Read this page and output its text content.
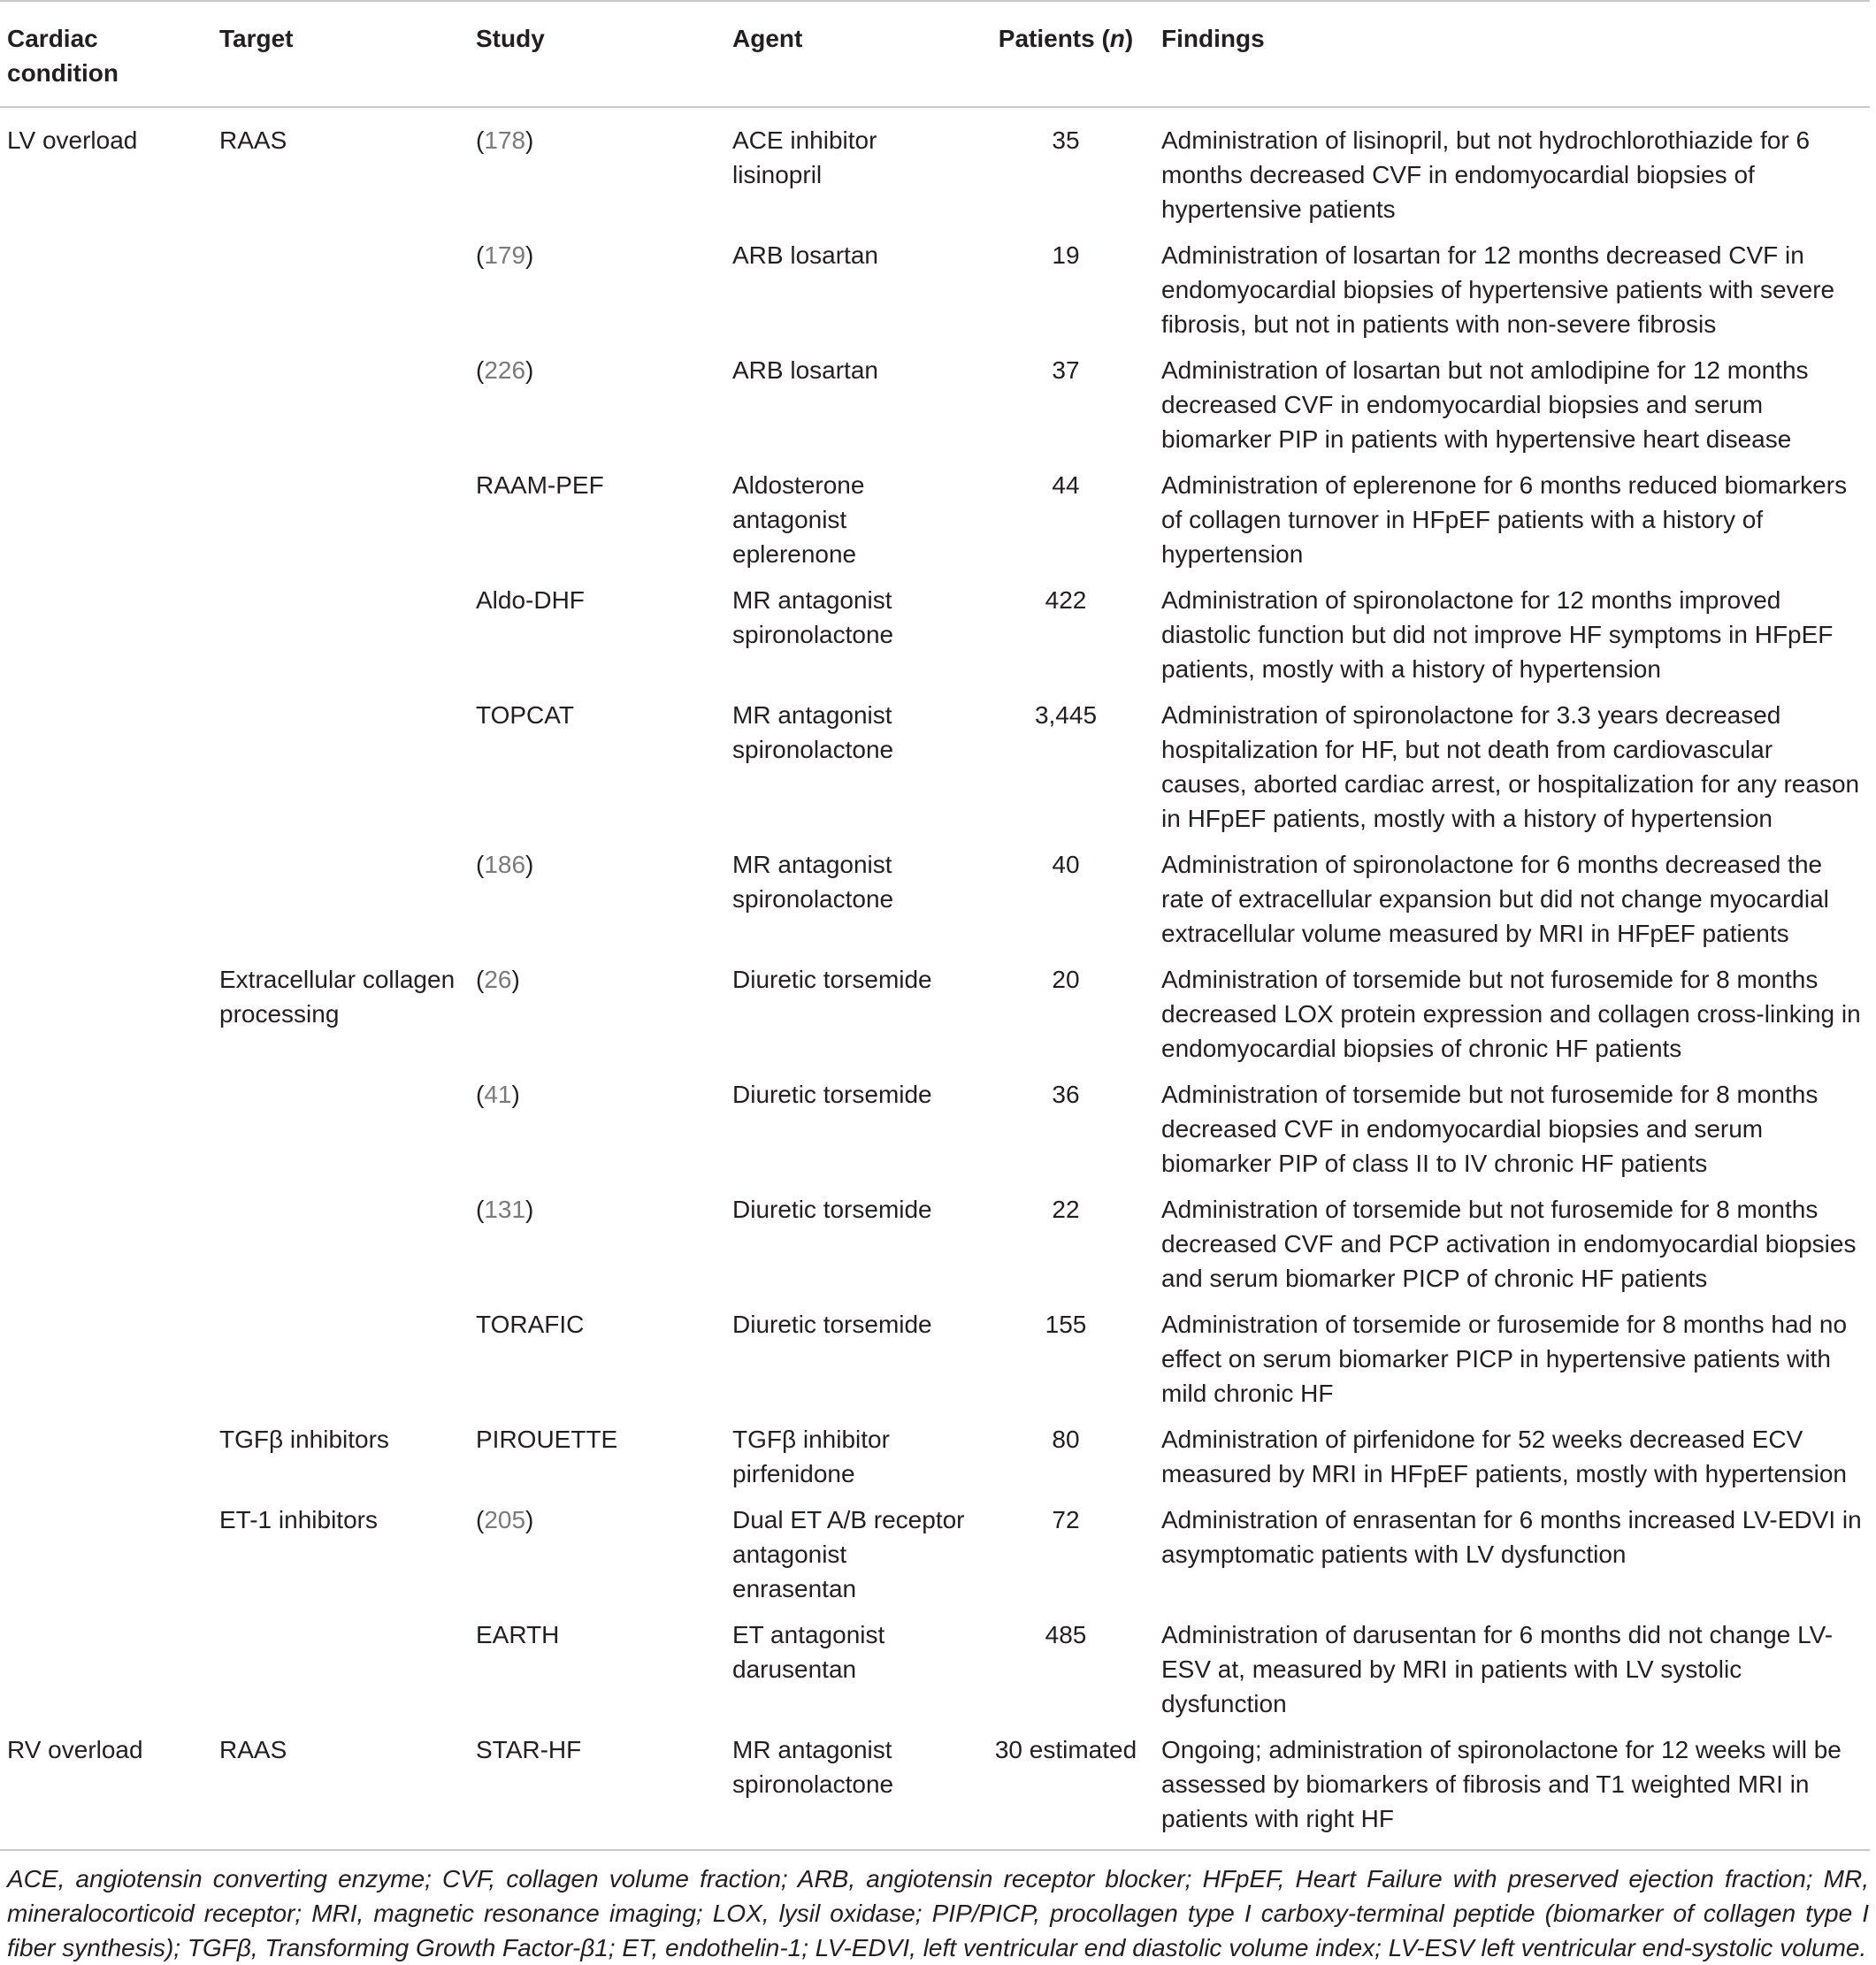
Cardiac condition	Target	Study	Agent	Patients (n)	Findings
LV overload	RAAS	(178)	ACE inhibitor lisinopril	35	Administration of lisinopril, but not hydrochlorothiazide for 6 months decreased CVF in endomyocardial biopsies of hypertensive patients
		(179)	ARB losartan	19	Administration of losartan for 12 months decreased CVF in endomyocardial biopsies of hypertensive patients with severe fibrosis, but not in patients with non-severe fibrosis
		(226)	ARB losartan	37	Administration of losartan but not amlodipine for 12 months decreased CVF in endomyocardial biopsies and serum biomarker PIP in patients with hypertensive heart disease
		RAAM-PEF	Aldosterone antagonist eplerenone	44	Administration of eplerenone for 6 months reduced biomarkers of collagen turnover in HFpEF patients with a history of hypertension
		Aldo-DHF	MR antagonist spironolactone	422	Administration of spironolactone for 12 months improved diastolic function but did not improve HF symptoms in HFpEF patients, mostly with a history of hypertension
		TOPCAT	MR antagonist spironolactone	3,445	Administration of spironolactone for 3.3 years decreased hospitalization for HF, but not death from cardiovascular causes, aborted cardiac arrest, or hospitalization for any reason in HFpEF patients, mostly with a history of hypertension
		(186)	MR antagonist spironolactone	40	Administration of spironolactone for 6 months decreased the rate of extracellular expansion but did not change myocardial extracellular volume measured by MRI in HFpEF patients
	Extracellular collagen processing	(26)	Diuretic torsemide	20	Administration of torsemide but not furosemide for 8 months decreased LOX protein expression and collagen cross-linking in endomyocardial biopsies of chronic HF patients
		(41)	Diuretic torsemide	36	Administration of torsemide but not furosemide for 8 months decreased CVF in endomyocardial biopsies and serum biomarker PIP of class II to IV chronic HF patients
		(131)	Diuretic torsemide	22	Administration of torsemide but not furosemide for 8 months decreased CVF and PCP activation in endomyocardial biopsies and serum biomarker PICP of chronic HF patients
		TORAFIC	Diuretic torsemide	155	Administration of torsemide or furosemide for 8 months had no effect on serum biomarker PICP in hypertensive patients with mild chronic HF
	TGFβ inhibitors	PIROUETTE	TGFβ inhibitor pirfenidone	80	Administration of pirfenidone for 52 weeks decreased ECV measured by MRI in HFpEF patients, mostly with hypertension
	ET-1 inhibitors	(205)	Dual ET A/B receptor antagonist enrasentan	72	Administration of enrasentan for 6 months increased LV-EDVI in asymptomatic patients with LV dysfunction
		EARTH	ET antagonist darusentan	485	Administration of darusentan for 6 months did not change LV-ESV at, measured by MRI in patients with LV systolic dysfunction
RV overload	RAAS	STAR-HF	MR antagonist spironolactone	30 estimated	Ongoing; administration of spironolactone for 12 weeks will be assessed by biomarkers of fibrosis and T1 weighted MRI in patients with right HF
ACE, angiotensin converting enzyme; CVF, collagen volume fraction; ARB, angiotensin receptor blocker; HFpEF, Heart Failure with preserved ejection fraction; MR, mineralocorticoid receptor; MRI, magnetic resonance imaging; LOX, lysil oxidase; PIP/PICP, procollagen type I carboxy-terminal peptide (biomarker of collagen type I fiber synthesis); TGFβ, Transforming Growth Factor-β1; ET, endothelin-1; LV-EDVI, left ventricular end diastolic volume index; LV-ESV left ventricular end-systolic volume.
